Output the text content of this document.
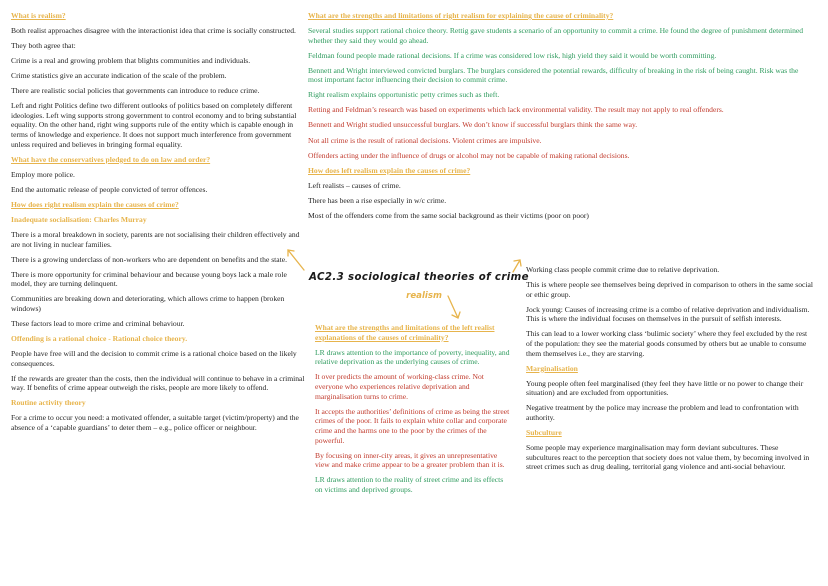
What is realism?

Both realist approaches disagree with the interactionist idea that crime is socially constructed.

They both agree that:

Crime is a real and growing problem that blights communities and individuals.

Crime statistics give an accurate indication of the scale of the problem.

There are realistic social policies that governments can introduce to reduce crime.

Left and right Politics define two different outlooks of politics based on completely different ideologies. Left wing supports strong government to control economy and to bring substantial equality. On the other hand, right wing supports rule of the entity which is capable enough in terms of knowledge and experience. It does not support much interference from government unless required and believes in bringing formal equality.

What have the conservatives pledged to do on law and order?

Employ more police.

End the automatic release of people convicted of terror offences.

How does right realism explain the causes of crime?

Inadequate socialisation: Charles Murray

There is a moral breakdown in society, parents are not socialising their children effectively and are not living in nuclear families.

There is a growing underclass of non-workers who are dependent on benefits and the state.

There is more opportunity for criminal behaviour and because young boys lack a male role model, they are turning delinquent.

Communities are breaking down and deteriorating, which allows crime to happen (broken windows)

These factors lead to more crime and criminal behaviour.

Offending is a rational choice - Rational choice theory.

People have free will and the decision to commit crime is a rational choice based on the likely consequences.

If the rewards are greater than the costs, then the individual will continue to behave in a criminal way. If benefits of crime appear outweigh the risks, people are more likely to offend.

Routine activity theory

For a crime to occur you need: a motivated offender, a suitable target (victim/property) and the absence of a ‘capable guardians’ to deter them – e.g., police officer or neighbour.

What are the strengths and limitations of right realism for explaining the cause of criminality?

Several studies support rational choice theory. Rettig gave students a scenario of an opportunity to commit a crime. He found the degree of punishment determined whether they said they would go ahead.

Feldman found people made rational decisions. If a crime was considered low risk, high yield they said it would be worth committing.

Bennett and Wright interviewed convicted burglars. The burglars considered the potential rewards, difficulty of breaking in the risk of being caught. Risk was the most important factor influencing their decision to commit crime.

Right realism explains opportunistic petty crimes such as theft.

Retting and Feldman’s research was based on experiments which lack environmental validity. The result may not apply to real offenders.

Bennett and Wright studied unsuccessful burglars. We don’t know if successful burglars think the same way.

Not all crime is the result of rational decisions. Violent crimes are impulsive.

Offenders acting under the influence of drugs or alcohol may not be capable of making rational decisions.

How does left realism explain the causes of crime?

Left realists – causes of crime.

There has been a rise especially in w/c crime.

Most of the offenders come from the same social background as their victims (poor on poor)

AC2.3 sociological theories of crime
realism

What are the strengths and limitations of the left realist explanations of the causes of criminality?

LR draws attention to the importance of poverty, inequality, and relative deprivation as the underlying causes of crime.

It over predicts the amount of working-class crime. Not everyone who experiences relative deprivation and marginalisation turns to crime.

It accepts the authorities’ definitions of crime as being the street crimes of the poor. It fails to explain white collar and corporate crime and the harms one to the poor by the crimes of the powerful.

By focusing on inner-city areas, it gives an unrepresentative view and make crime appear to be a greater problem than it is.

LR draws attention to the reality of street crime and its effects on victims and deprived groups.

Working class people commit crime due to relative deprivation.

This is where people see themselves being deprived in comparison to others in the same social or ethic group.

Jock young: Causes of increasing crime is a combo of relative deprivation and individualism. This is where the individual focuses on themselves in the pursuit of selfish interests.

This can lead to a lower working class ‘bulimic society’ where they feel excluded by the rest of the population: they see the material goods consumed by others but ae unable to consume them themselves i.e., they are starving.

Marginalisation

Young people often feel marginalised (they feel they have little or no power to change their situation) and are excluded from opportunities.

Negative treatment by the police may increase the problem and lead to confrontation with authority.

Subculture

Some people may experience marginalisation may form deviant subcultures. These subcultures react to the perception that society does not value them, by becoming involved in street crimes such as drug dealing, territorial gang violence and anti-social behaviour.
